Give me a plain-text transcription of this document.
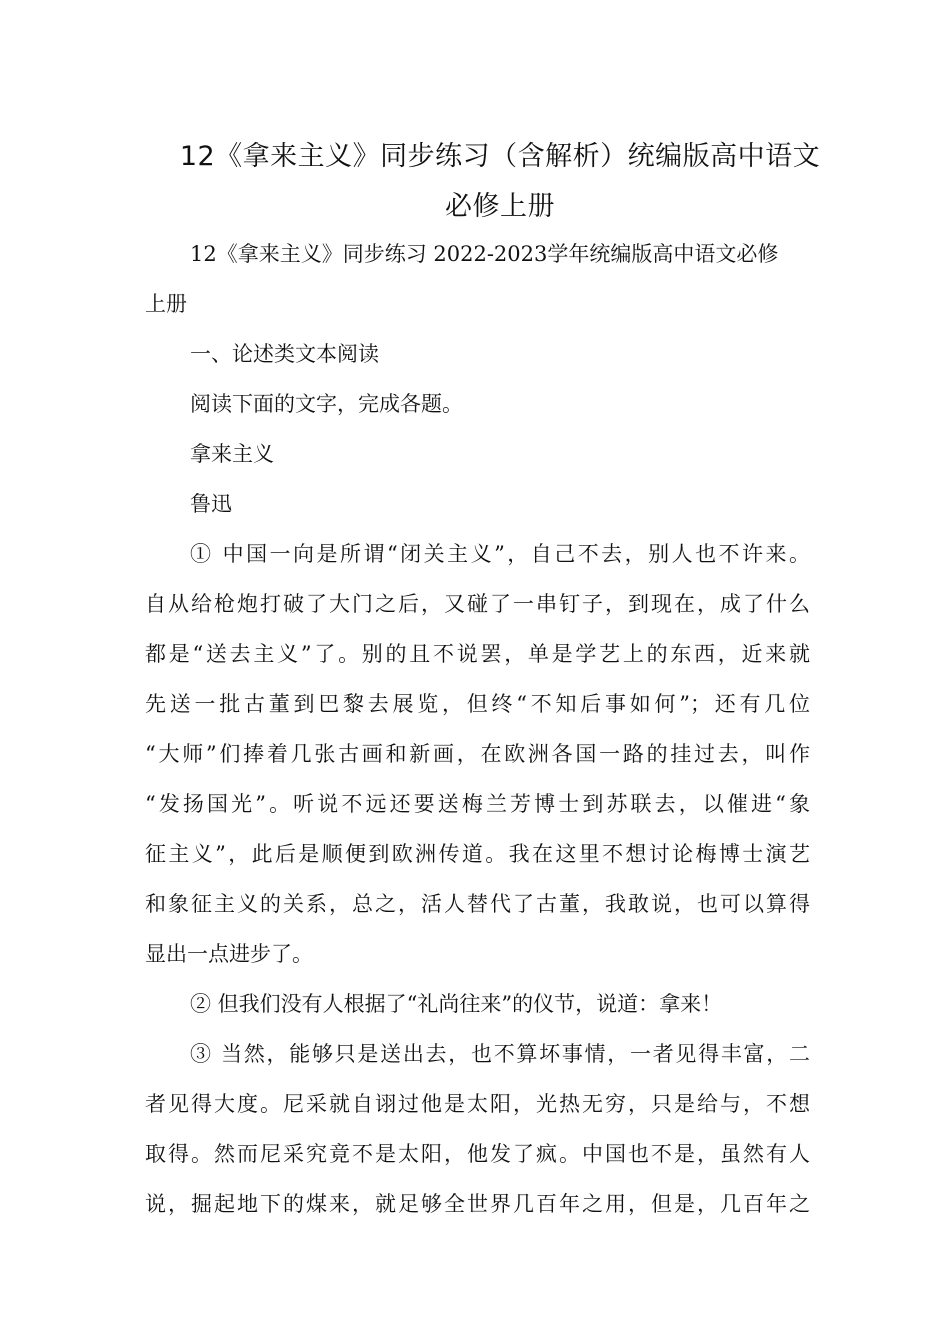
12《拿来主义》同步练习（含解析）统编版高中语文
必修上册
12《拿来主义》同步练习 2022-2023学年统编版高中语文必修
上册
一、论述类文本阅读
阅读下面的文字，完成各题。
拿来主义
鲁迅
① 中国一向是所谓“闭关主义”，自己不去，别人也不许来。
自从给枪炮打破了大门之后，又碰了一串钉子，到现在，成了什么
都是“送去主义”了。别的且不说罢，单是学艺上的东西，近来就
先送一批古董到巴黎去展览，但终“不知后事如何”；还有几位
“大师”们捧着几张古画和新画，在欧洲各国一路的挂过去，叫作
“发扬国光”。听说不远还要送梅兰芳博士到苏联去，以催进“象
征主义”，此后是顺便到欧洲传道。我在这里不想讨论梅博士演艺
和象征主义的关系，总之，活人替代了古董，我敢说，也可以算得
显出一点进步了。
② 但我们没有人根据了“礼尚往来”的仪节，说道：拿来！
③ 当然，能够只是送出去，也不算坏事情，一者见得丰富，二
者见得大度。尼采就自诩过他是太阳，光热无穷，只是给与，不想
取得。然而尼采究竟不是太阳，他发了疯。中国也不是，虽然有人
说，掘起地下的煤来，就足够全世界几百年之用，但是，几百年之
